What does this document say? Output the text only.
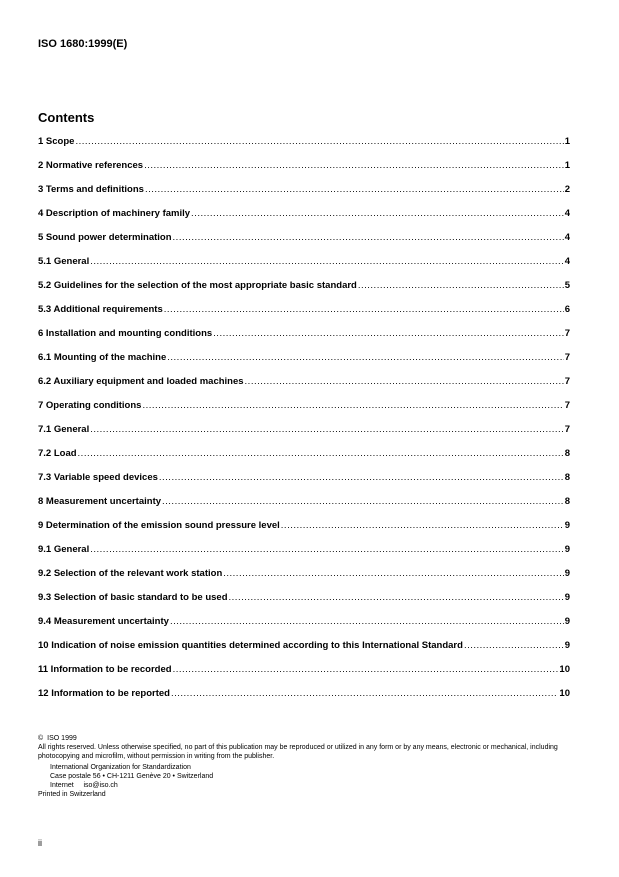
ISO 1680:1999(E)
Contents
1 Scope .....	1
2 Normative references .....	1
3 Terms and definitions .....	2
4 Description of machinery family .....	4
5 Sound power determination .....	4
5.1 General .....	4
5.2 Guidelines for the selection of the most appropriate basic standard .....	5
5.3 Additional requirements .....	6
6 Installation and mounting conditions .....	7
6.1 Mounting of the machine .....	7
6.2 Auxiliary equipment and loaded machines .....	7
7 Operating conditions .....	7
7.1 General .....	7
7.2 Load .....	8
7.3 Variable speed devices .....	8
8 Measurement uncertainty .....	8
9 Determination of the emission sound pressure level .....	9
9.1 General .....	9
9.2 Selection of the relevant work station .....	9
9.3 Selection of basic standard to be used .....	9
9.4 Measurement uncertainty .....	9
10 Indication of noise emission quantities determined according to this International Standard .....	9
11 Information to be recorded .....	10
12 Information to be reported .....	10

© ISO 1999

All rights reserved. Unless otherwise specified, no part of this publication may be reproduced or utilized in any form or by any means, electronic or mechanical, including photocopying and microfilm, without permission in writing from the publisher.

International Organization for Standardization

Case postale 56 • CH-1211 Genève 20 • Switzerland

Internet     iso@iso.ch

Printed in Switzerland

ii
